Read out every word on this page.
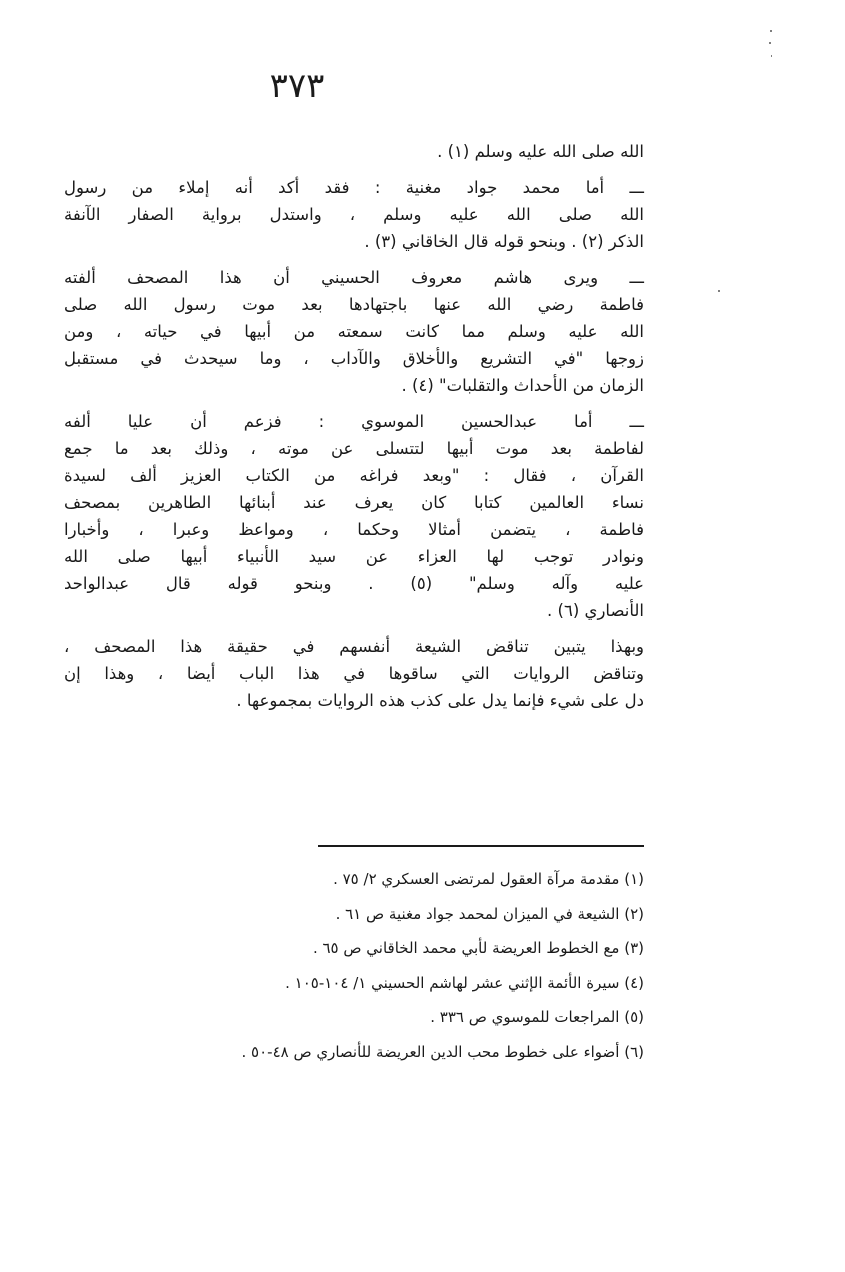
٣٧٣
الله صلى الله عليه وسلم (١) .
ـــ أما محمد جواد مغنية : فقد أكد أنه إملاء من رسول
الله صلى الله عليه وسلم ، واستدل برواية الصفار الآنفة
الذكر (٢) . وبنحو قوله قال الخاقاني (٣) .
ـــ ويرى هاشم معروف الحسيني أن هذا المصحف ألفته
فاطمة رضي الله عنها باجتهادها بعد موت رسول الله صلى
الله عليه وسلم مما كانت سمعته من أبيها في حياته ، ومن
زوجها "في التشريع والأخلاق والآداب ، وما سيحدث في مستقبل
الزمان من الأحداث والتقلبات" (٤) .
ـــ أما عبدالحسين الموسوي : فزعم أن عليا ألفه
لفاطمة بعد موت أبيها لتتسلى عن موته ، وذلك بعد ما جمع
القرآن ، فقال : "وبعد فراغه من الكتاب العزيز ألف لسيدة
نساء العالمين كتابا كان يعرف عند أبنائها الطاهرين بمصحف
فاطمة ، يتضمن أمثالا وحكما ، ومواعظ وعبرا ، وأخبارا
ونوادر توجب لها العزاء عن سيد الأنبياء أبيها صلى الله
عليه وآله وسلم" (٥) . وبنحو قوله قال عبدالواحد
الأنصاري (٦) .
وبهذا يتبين تناقض الشيعة أنفسهم في حقيقة هذا المصحف ،
وتناقض الروايات التي ساقوها في هذا الباب أيضا ، وهذا إن
دل على شيء فإنما يدل على كذب هذه الروايات بمجموعها .
(١) مقدمة مرآة العقول لمرتضى العسكري ٢/ ٧٥ .
(٢) الشيعة في الميزان لمحمد جواد مغنية ص ٦١ .
(٣) مع الخطوط العريضة لأبي محمد الخاقاني ص ٦٥ .
(٤) سيرة الأئمة الإثني عشر لهاشم الحسيني ١/ ١٠٤-١٠٥ .
(٥) المراجعات للموسوي ص ٣٣٦ .
(٦) أضواء على خطوط محب الدين العريضة للأنصاري ص ٤٨-٥٠ .
